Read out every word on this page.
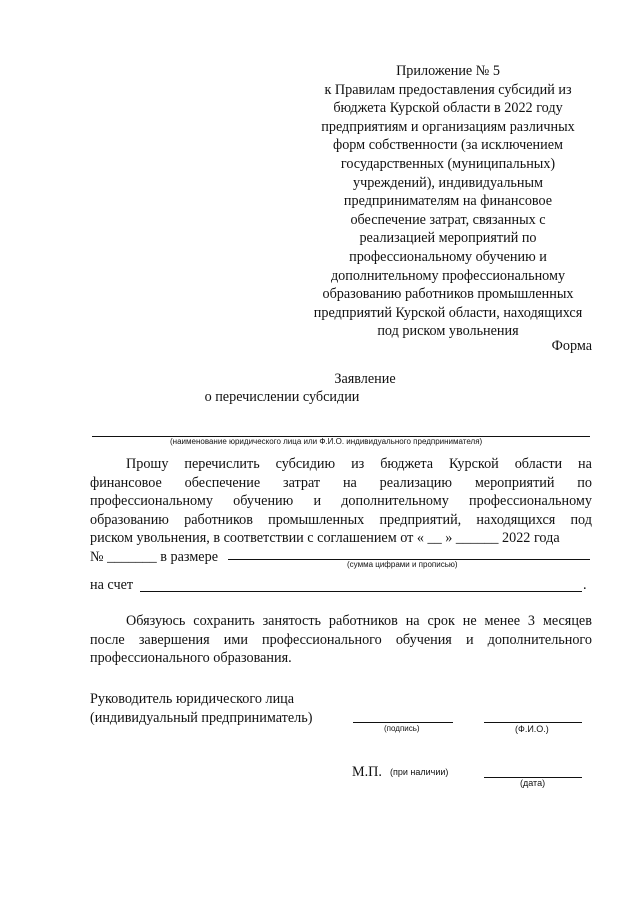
Приложение № 5
к Правилам предоставления субсидий из
бюджета Курской области в 2022 году
предприятиям и организациям различных
форм собственности (за исключением
государственных (муниципальных)
учреждений), индивидуальным
предпринимателям на финансовое
обеспечение затрат, связанных с
реализацией мероприятий по
профессиональному обучению и
дополнительному профессиональному
образованию работников промышленных
предприятий Курской области, находящихся
под риском увольнения
Форма
Заявление
о перечислении субсидии
(наименование юридического лица или Ф.И.О. индивидуального предпринимателя)
Прошу перечислить субсидию из бюджета Курской области на
финансовое обеспечение затрат на реализацию мероприятий по
профессиональному обучению и дополнительному профессиональному
образованию работников промышленных предприятий, находящихся под
риском увольнения, в соответствии с соглашением от « __ » ______ 2022 года
№ _______ в размере	(сумма цифрами и прописью)
на счет	.
Обязуюсь сохранить занятость работников на срок не менее 3 месяцев
после завершения ими профессионального обучения и дополнительного
профессионального образования.
Руководитель юридического лица
(индивидуальный предприниматель)
(подпись)	(Ф.И.О.)
М.П. (при наличии)
(дата)
